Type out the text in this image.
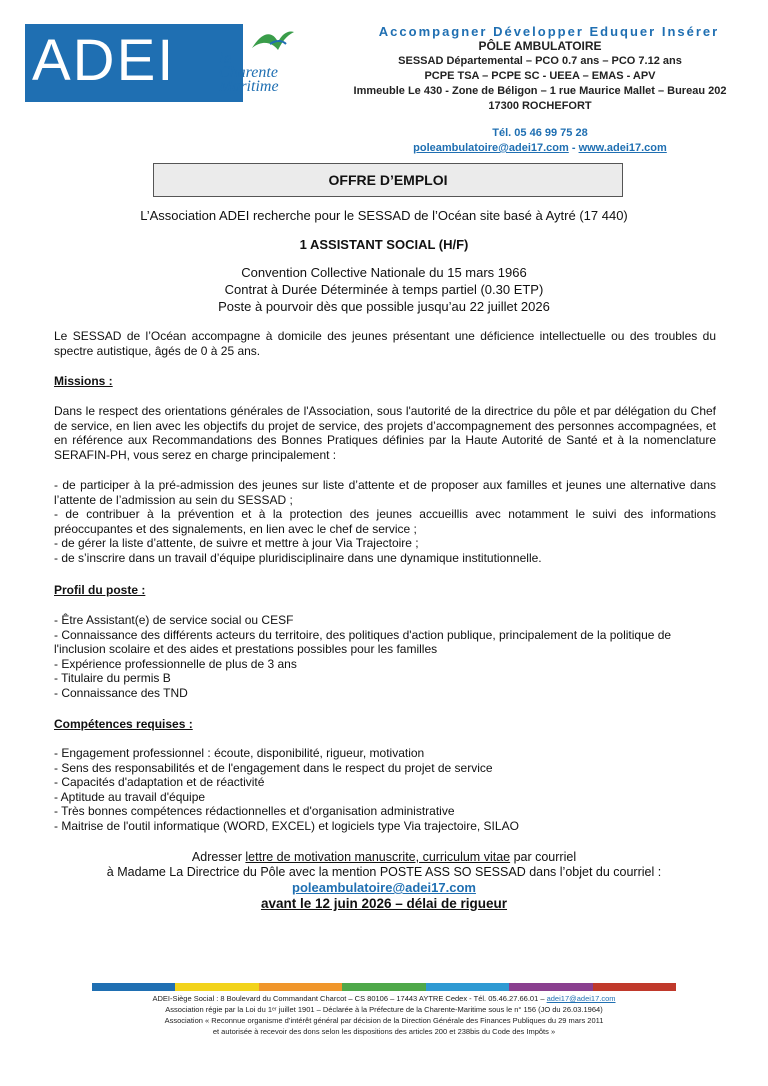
ADEI	la
Charente
Maritime
Accompagner Développer Eduquer Insérer
PÔLE AMBULATOIRE
SESSAD Départemental – PCO 0.7 ans – PCO 7.12 ans
PCPE TSA – PCPE SC - UEEA – EMAS - APV
Immeuble Le 430 - Zone de Béligon – 1 rue Maurice Mallet – Bureau 202
17300 ROCHEFORT
Tél. 05 46 99 75 28
poleambulatoire@adei17.com - www.adei17.com
OFFRE D’EMPLOI
L’Association ADEI recherche pour le SESSAD de l’Océan site basé à Aytré (17 440)
1 ASSISTANT SOCIAL (H/F)
Convention Collective Nationale du 15 mars 1966
Contrat à Durée Déterminée à temps partiel (0.30 ETP)
Poste à pourvoir dès que possible jusqu’au 22 juillet 2026
Le SESSAD de l’Océan accompagne à domicile des jeunes présentant une déficience intellectuelle ou des troubles du spectre autistique, âgés de 0 à 25 ans.
Missions :
Dans le respect des orientations générales de l'Association, sous l'autorité de la directrice du pôle et par délégation du Chef de service, en lien avec les objectifs du projet de service, des projets d’accompagnement des personnes accompagnées, et en référence aux Recommandations des Bonnes Pratiques définies par la Haute Autorité de Santé et à la nomenclature SERAFIN-PH, vous serez en charge principalement :
- de participer à la pré-admission des jeunes sur liste d’attente et de proposer aux familles et jeunes une alternative dans l’attente de l’admission au sein du SESSAD ;
- de contribuer à la prévention et à la protection des jeunes accueillis avec notamment le suivi des informations préoccupantes et des signalements, en lien avec le chef de service ;
- de gérer la liste d’attente, de suivre et mettre à jour Via Trajectoire ;
- de s’inscrire dans un travail d’équipe pluridisciplinaire dans une dynamique institutionnelle.
Profil du poste :
- Être Assistant(e) de service social ou CESF
- Connaissance des différents acteurs du territoire, des politiques d'action publique, principalement de la politique de l'inclusion scolaire et des aides et prestations possibles pour les familles
- Expérience professionnelle de plus de 3 ans
- Titulaire du permis B
- Connaissance des TND
Compétences requises :
- Engagement professionnel : écoute, disponibilité, rigueur, motivation
- Sens des responsabilités et de l'engagement dans le respect du projet de service
- Capacités d'adaptation et de réactivité
- Aptitude au travail d'équipe
- Très bonnes compétences rédactionnelles et d'organisation administrative
- Maitrise de l'outil informatique (WORD, EXCEL) et logiciels type Via trajectoire, SILAO
Adresser lettre de motivation manuscrite, curriculum vitae par courriel
à Madame La Directrice du Pôle avec la mention POSTE ASS SO SESSAD dans l’objet du courriel :
poleambulatoire@adei17.com
avant le 12 juin 2026 – délai de rigueur
ADEI-Siège Social : 8 Boulevard du Commandant Charcot – CS 80106 – 17443 AYTRE Cedex - Tél. 05.46.27.66.01 – adei17@adei17.com
Association régie par la Loi du 1ᵉʳ juillet 1901 – Déclarée à la Préfecture de la Charente-Maritime sous le n° 156 (JO du 26.03.1964)
Association « Reconnue organisme d’intérêt général par décision de la Direction Générale des Finances Publiques du 29 mars 2011
et autorisée à recevoir des dons selon les dispositions des articles 200 et 238bis du Code des Impôts »
